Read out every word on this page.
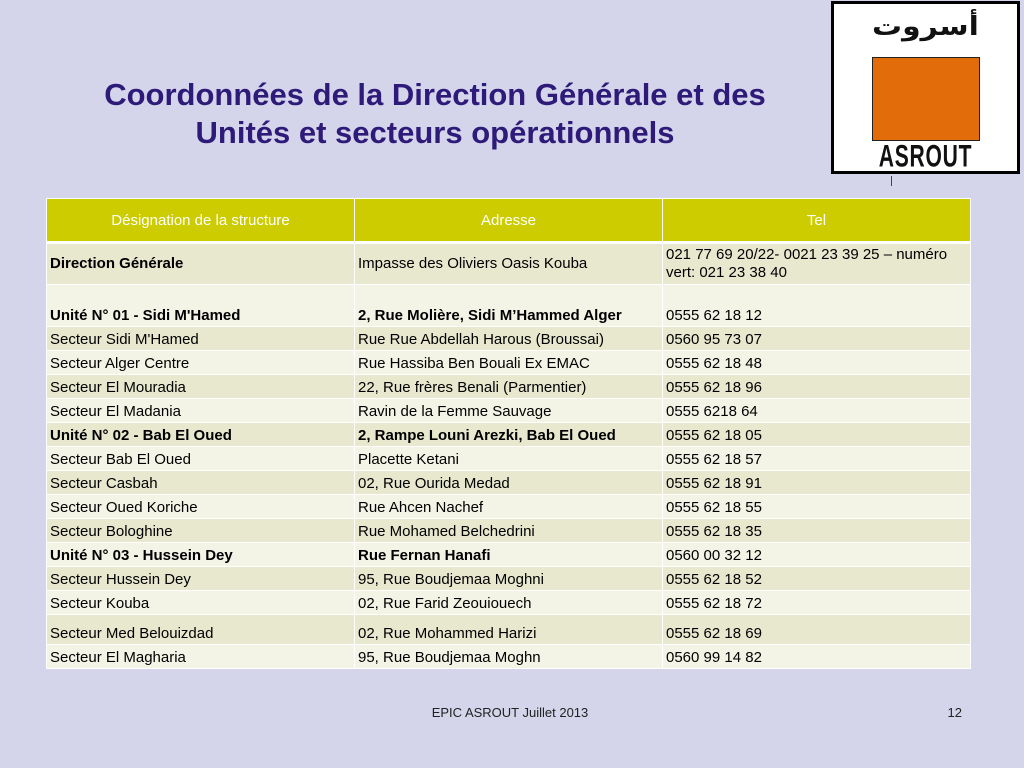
Coordonnées de la Direction Générale et des
Unités et secteurs opérationnels
أسروت
ASROUT
Désignation de la structure	Adresse	Tel
Direction Générale	Impasse des Oliviers Oasis Kouba	021 77 69 20/22- 0021 23 39 25 – numéro vert: 021 23 38 40
Unité N° 01 - Sidi M'Hamed	2, Rue Molière, Sidi M’Hammed Alger	0555 62 18 12
Secteur Sidi M'Hamed	Rue Rue Abdellah Harous (Broussai)	0560 95 73 07
Secteur Alger Centre	Rue Hassiba Ben Bouali Ex EMAC	0555 62 18 48
Secteur El Mouradia	22, Rue frères Benali (Parmentier)	0555 62 18 96
Secteur El Madania	Ravin de la Femme Sauvage	0555 6218 64
Unité N° 02 - Bab El Oued	2, Rampe Louni Arezki, Bab El Oued	0555 62 18 05
Secteur Bab El Oued	Placette Ketani	0555 62 18 57
Secteur Casbah	02, Rue Ourida Medad	0555 62 18 91
Secteur Oued Koriche	Rue Ahcen Nachef	0555 62 18 55
Secteur Bologhine	Rue Mohamed Belchedrini	0555 62 18 35
Unité N° 03 - Hussein Dey	Rue Fernan Hanafi	0560 00 32 12
Secteur Hussein Dey	95, Rue Boudjemaa Moghni	0555 62 18 52
Secteur Kouba	02, Rue Farid Zeouiouech	0555 62 18 72
Secteur Med Belouizdad	02, Rue Mohammed Harizi	0555 62 18 69
Secteur El Magharia	95, Rue Boudjemaa Moghn	0560 99 14 82
EPIC ASROUT Juillet 2013	12
